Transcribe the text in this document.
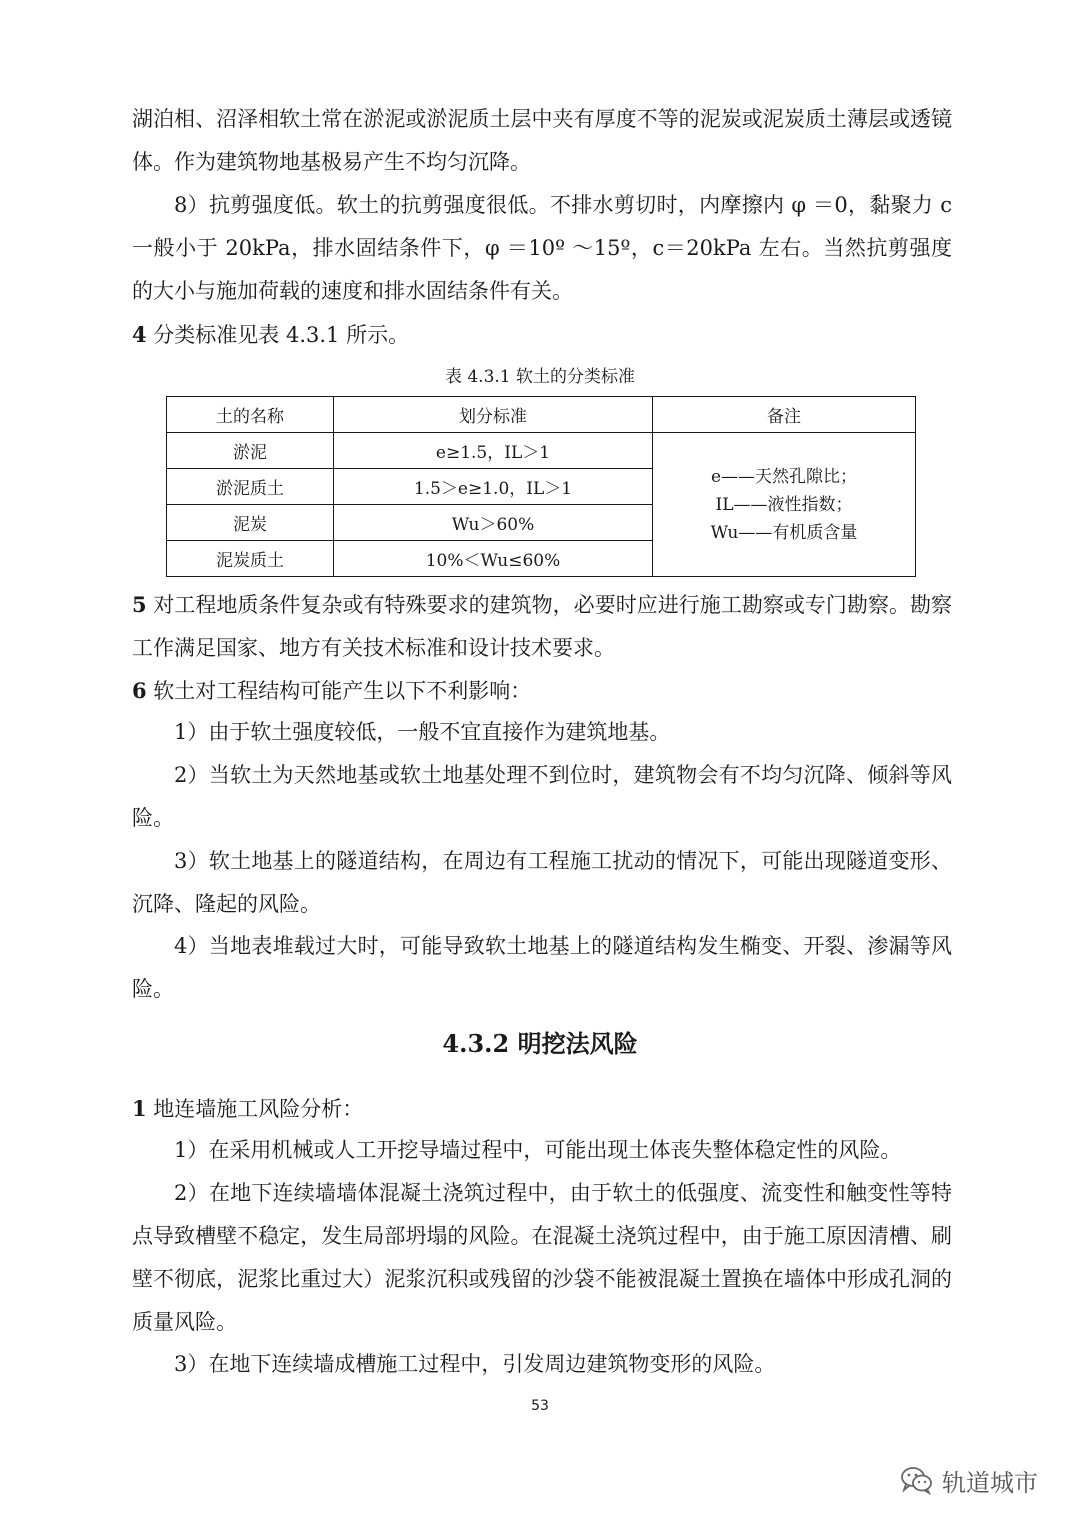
湖泊相、沼泽相软土常在淤泥或淤泥质土层中夹有厚度不等的泥炭或泥炭质土薄层或透镜体。作为建筑物地基极易产生不均匀沉降。

8）抗剪强度低。软土的抗剪强度很低。不排水剪切时，内摩擦内 φ ＝0，黏聚力 c 一般小于 20kPa，排水固结条件下，φ ＝10º ～15º，c＝20kPa 左右。当然抗剪强度的大小与施加荷载的速度和排水固结条件有关。

4 分类标准见表 4.3.1 所示。

表 4.3.1 软土的分类标准
土的名称	划分标准	备注
淤泥	e≥1.5，IL＞1	e——天然孔隙比；
IL——液性指数；
Wu——有机质含量

淤泥质土	1.5＞e≥1.0，IL＞1	
泥炭	Wu＞60%	
泥炭质土	10%＜Wu≤60%	

5 对工程地质条件复杂或有特殊要求的建筑物，必要时应进行施工勘察或专门勘察。勘察工作满足国家、地方有关技术标准和设计技术要求。

6 软土对工程结构可能产生以下不利影响：

1）由于软土强度较低，一般不宜直接作为建筑地基。

2）当软土为天然地基或软土地基处理不到位时，建筑物会有不均匀沉降、倾斜等风险。

3）软土地基上的隧道结构，在周边有工程施工扰动的情况下，可能出现隧道变形、沉降、隆起的风险。

4）当地表堆载过大时，可能导致软土地基上的隧道结构发生椭变、开裂、渗漏等风险。

4.3.2 明挖法风险

1 地连墙施工风险分析：

1）在采用机械或人工开挖导墙过程中，可能出现土体丧失整体稳定性的风险。

2）在地下连续墙墙体混凝土浇筑过程中，由于软土的低强度、流变性和触变性等特点导致槽壁不稳定，发生局部坍塌的风险。在混凝土浇筑过程中，由于施工原因清槽、刷壁不彻底，泥浆比重过大）泥浆沉积或残留的沙袋不能被混凝土置换在墙体中形成孔洞的质量风险。

3）在地下连续墙成槽施工过程中，引发周边建筑物变形的风险。

53
轨道城市
